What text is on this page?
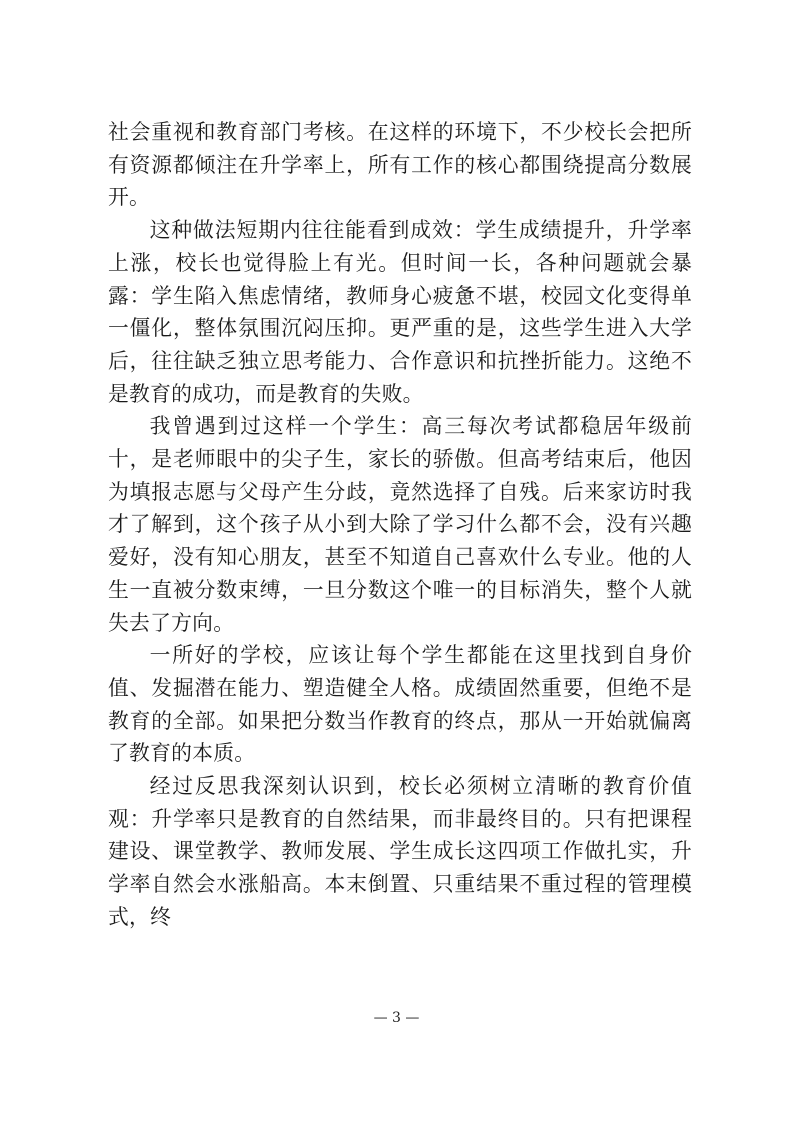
社会重视和教育部门考核。在这样的环境下，不少校长会把所有资源都倾注在升学率上，所有工作的核心都围绕提高分数展开。

这种做法短期内往往能看到成效：学生成绩提升，升学率上涨，校长也觉得脸上有光。但时间一长，各种问题就会暴露：学生陷入焦虑情绪，教师身心疲惫不堪，校园文化变得单一僵化，整体氛围沉闷压抑。更严重的是，这些学生进入大学后，往往缺乏独立思考能力、合作意识和抗挫折能力。这绝不是教育的成功，而是教育的失败。

我曾遇到过这样一个学生：高三每次考试都稳居年级前十，是老师眼中的尖子生，家长的骄傲。但高考结束后，他因为填报志愿与父母产生分歧，竟然选择了自残。后来家访时我才了解到，这个孩子从小到大除了学习什么都不会，没有兴趣爱好，没有知心朋友，甚至不知道自己喜欢什么专业。他的人生一直被分数束缚，一旦分数这个唯一的目标消失，整个人就失去了方向。

一所好的学校，应该让每个学生都能在这里找到自身价值、发掘潜在能力、塑造健全人格。成绩固然重要，但绝不是教育的全部。如果把分数当作教育的终点，那从一开始就偏离了教育的本质。

经过反思我深刻认识到，校长必须树立清晰的教育价值观：升学率只是教育的自然结果，而非最终目的。只有把课程建设、课堂教学、教师发展、学生成长这四项工作做扎实，升学率自然会水涨船高。本末倒置、只重结果不重过程的管理模式，终

— 3 —
